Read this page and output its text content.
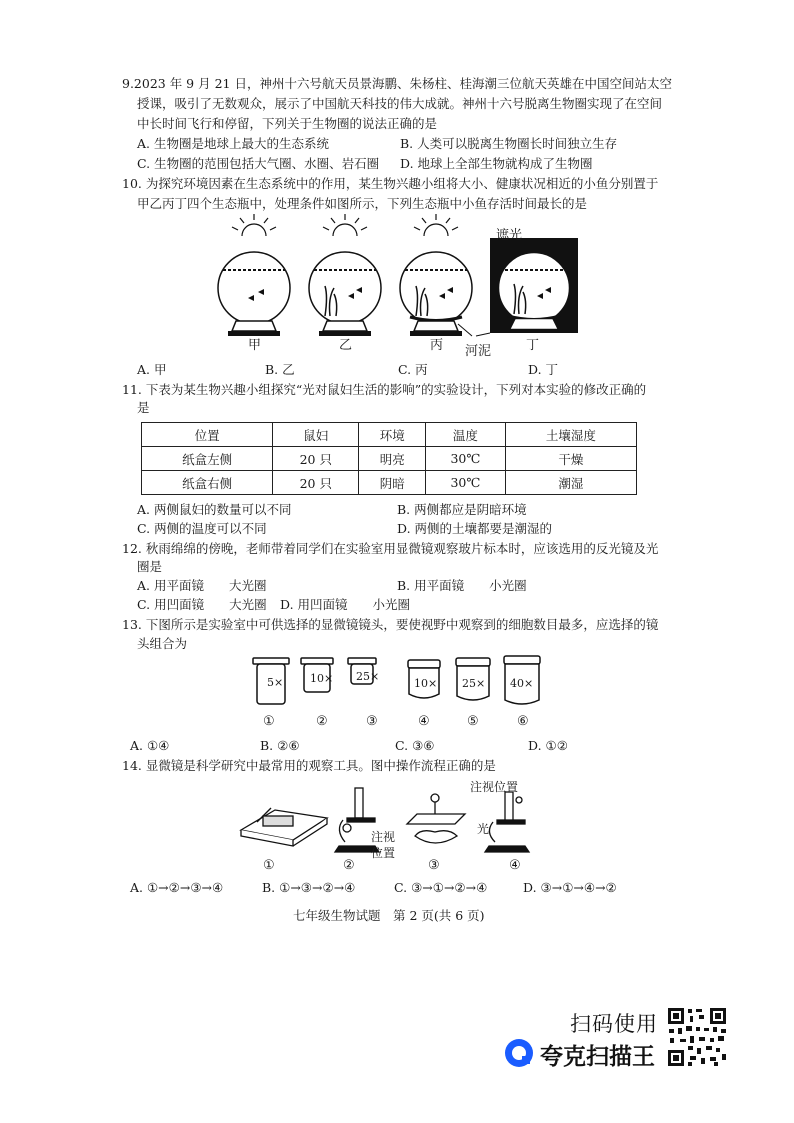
9.2023 年 9 月 21 日，神州十六号航天员景海鹏、朱杨柱、桂海潮三位航天英雄在中国空间站太空
授课，吸引了无数观众，展示了中国航天科技的伟大成就。神州十六号脱离生物圈实现了在空间
中长时间飞行和停留，下列关于生物圈的说法正确的是
A. 生物圈是地球上最大的生态系统	B. 人类可以脱离生物圈长时间独立生存
C. 生物圈的范围包括大气圈、水圈、岩石圈 D. 地球上全部生物就构成了生物圈
10. 为探究环境因素在生态系统中的作用，某生物兴趣小组将大小、健康状况相近的小鱼分别置于
甲乙丙丁四个生态瓶中，处理条件如图所示，下列生态瓶中小鱼存活时间最长的是
遮光
河泥
甲	乙	丙	丁
A. 甲	B. 乙	C. 丙	D. 丁
11. 下表为某生物兴趣小组探究“光对鼠妇生活的影响”的实验设计，下列对本实验的修改正确的
是
位置	鼠妇	环境	温度	土壤湿度
纸盒左侧	20 只	明亮	30℃	干燥
纸盒右侧	20 只	阴暗	30℃	潮湿
A. 两侧鼠妇的数量可以不同	B. 两侧都应是阴暗环境
C. 两侧的温度可以不同	D. 两侧的土壤都要是潮湿的
12. 秋雨绵绵的傍晚，老师带着同学们在实验室用显微镜观察玻片标本时，应该选用的反光镜及光
圈是
A. 用平面镜　　大光圈	B. 用平面镜　　小光圈
C. 用凹面镜　　大光圈 D. 用凹面镜　　小光圈
13. 下图所示是实验室中可供选择的显微镜镜头，要使视野中观察到的细胞数目最多，应选择的镜
头组合为
5× 10× 25×
10× 25× 40×
①	②	③	④	⑤	⑥
A. ①④	B. ②⑥	C. ③⑥	D. ①②
14. 显微镜是科学研究中最常用的观察工具。图中操作流程正确的是
注视位置
注视
位置
光
①	②	③	④
A. ①→②→③→④	B. ①→③→②→④	C. ③→①→②→④	D. ③→①→④→②
七年级生物试题　第 2 页(共 6 页)
扫码使用
夸克扫描王
